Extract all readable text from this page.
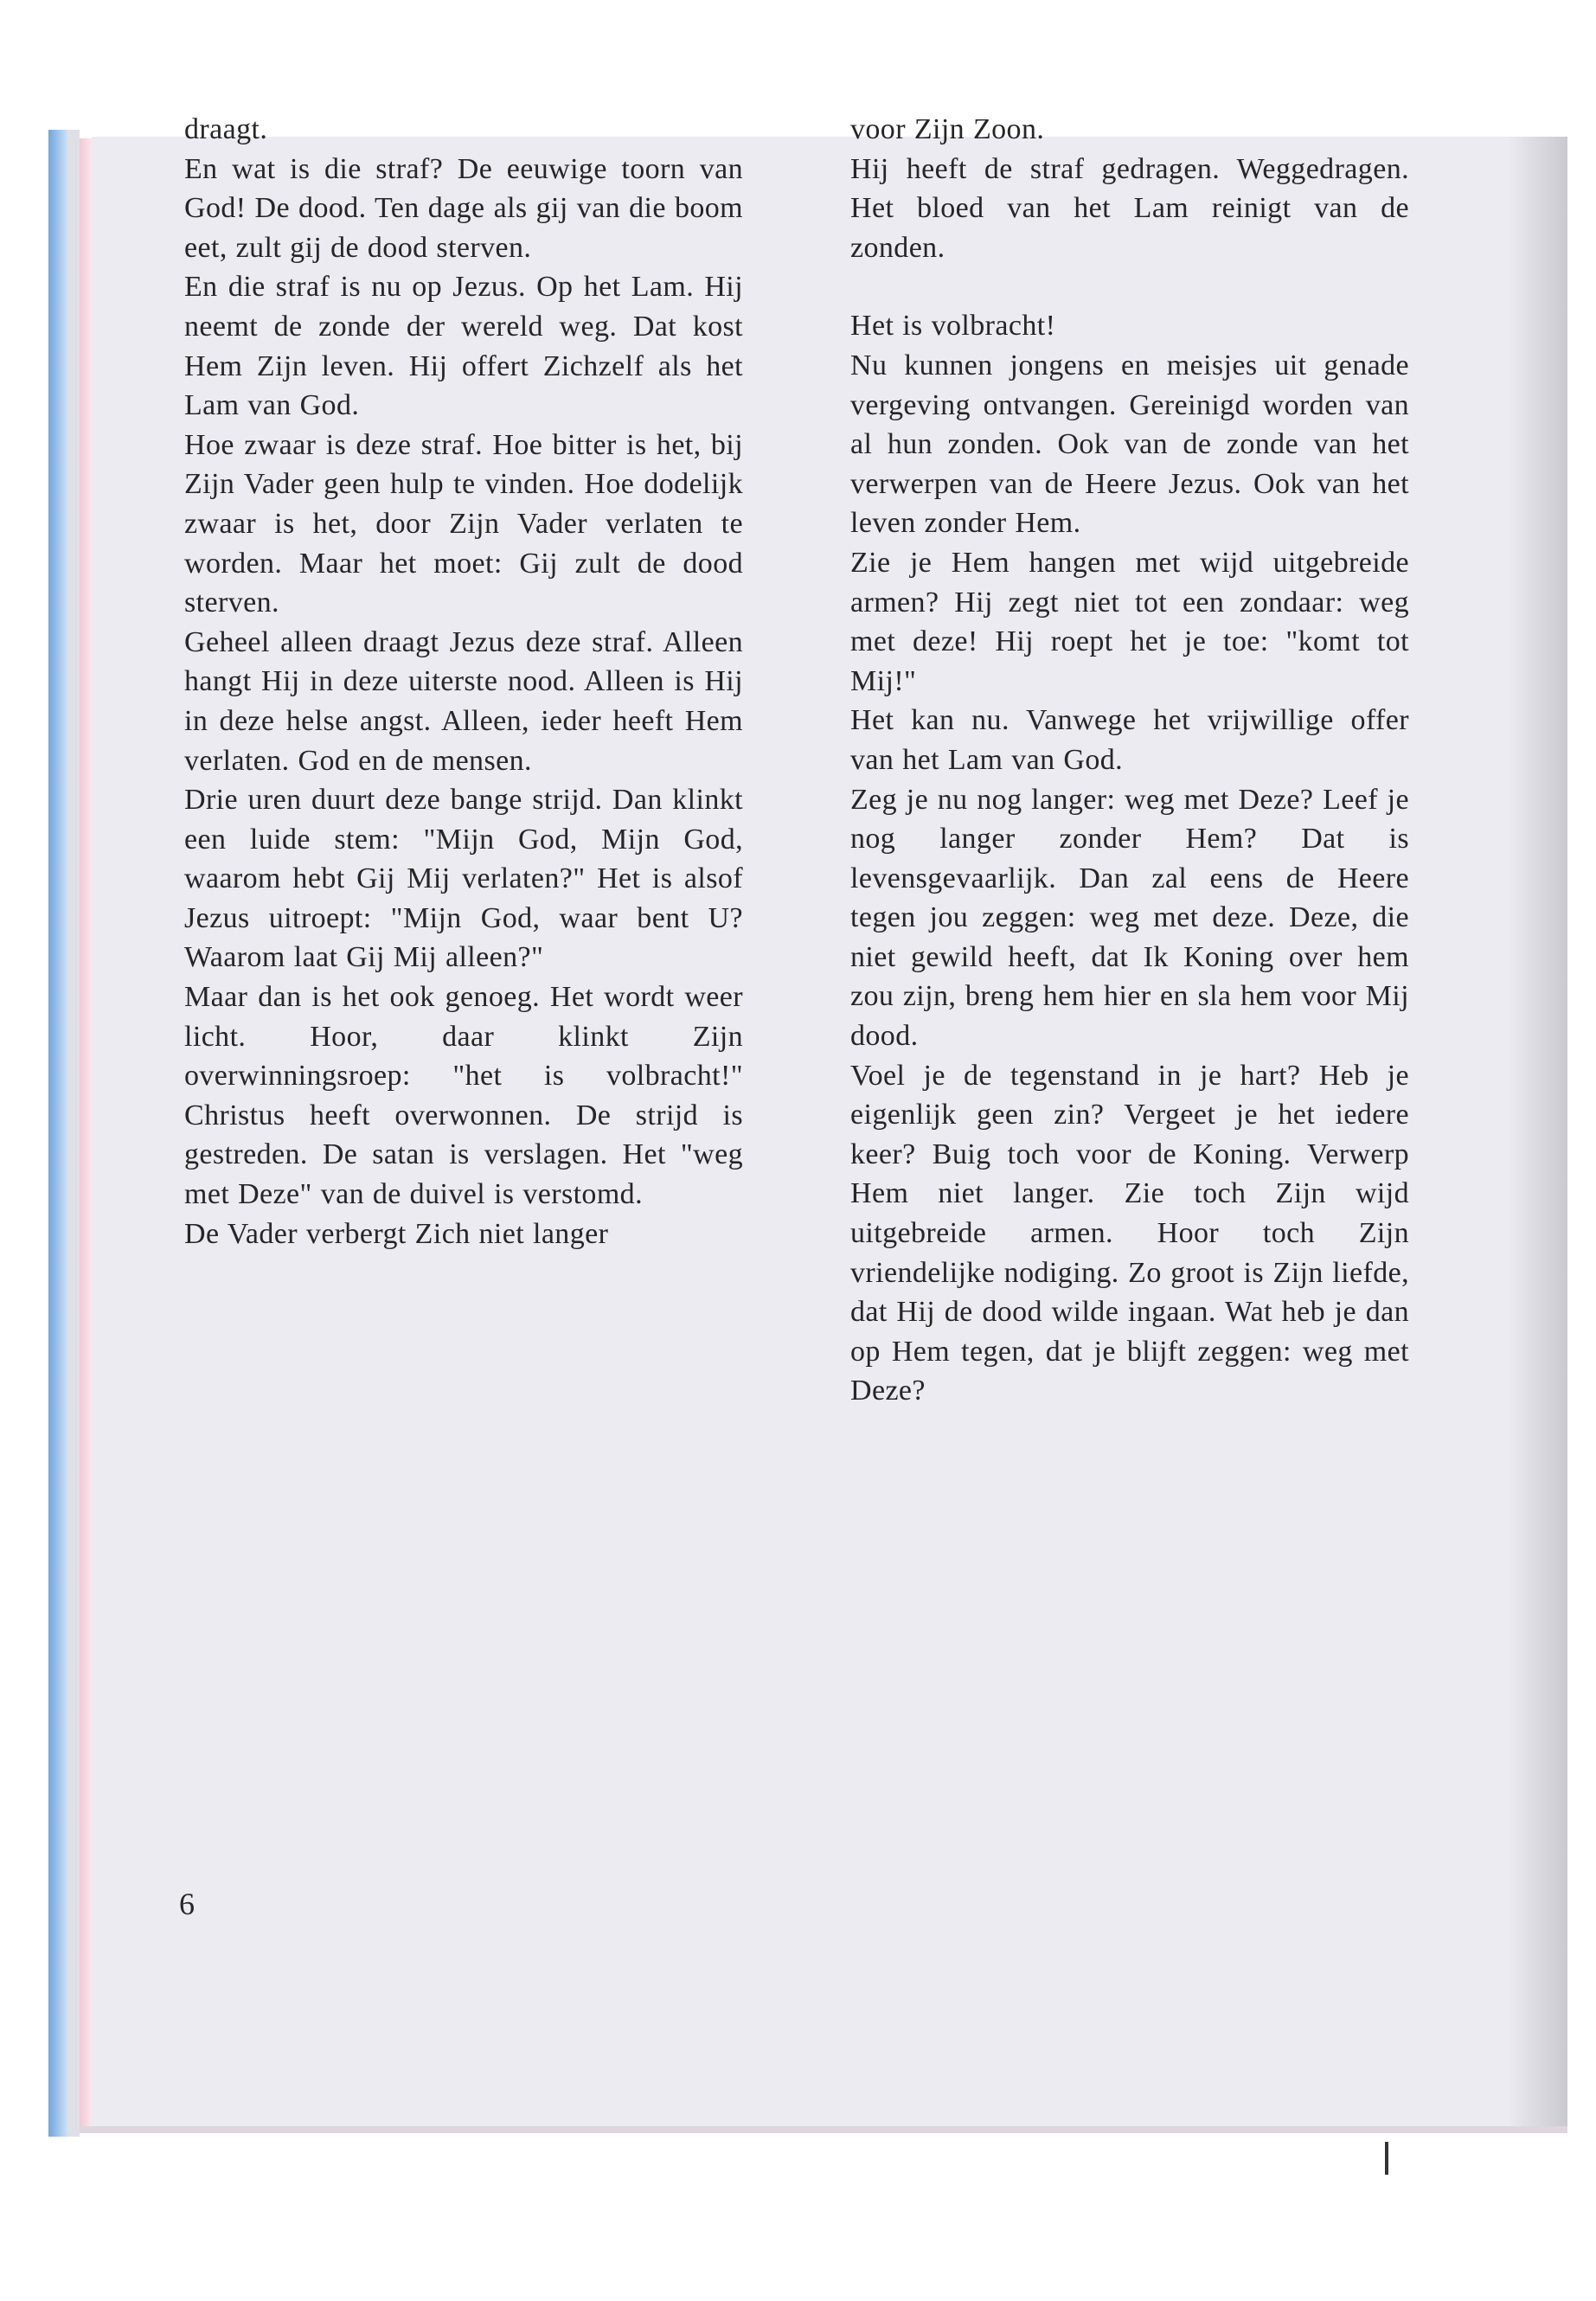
draagt.

En wat is die straf? De eeuwige toorn van God! De dood. Ten dage als gij van die boom eet, zult gij de dood sterven.

En die straf is nu op Jezus. Op het Lam. Hij neemt de zonde der wereld weg. Dat kost Hem Zijn leven. Hij offert Zichzelf als het Lam van God.

Hoe zwaar is deze straf. Hoe bitter is het, bij Zijn Vader geen hulp te vinden. Hoe dodelijk zwaar is het, door Zijn Vader verlaten te worden. Maar het moet: Gij zult de dood sterven.

Geheel alleen draagt Jezus deze straf. Alleen hangt Hij in deze uiterste nood. Alleen is Hij in deze helse angst. Alleen, ieder heeft Hem verlaten. God en de mensen.

Drie uren duurt deze bange strijd. Dan klinkt een luide stem: "Mijn God, Mijn God, waarom hebt Gij Mij verlaten?" Het is alsof Jezus uitroept: "Mijn God, waar bent U? Waarom laat Gij Mij alleen?"

Maar dan is het ook genoeg. Het wordt weer licht. Hoor, daar klinkt Zijn overwinningsroep: "het is volbracht!" Christus heeft overwonnen. De strijd is gestreden. De satan is verslagen. Het "weg met Deze" van de duivel is verstomd.

De Vader verbergt Zich niet langer

voor Zijn Zoon.

Hij heeft de straf gedragen. Weggedragen. Het bloed van het Lam reinigt van de zonden.

Het is volbracht!

Nu kunnen jongens en meisjes uit genade vergeving ontvangen. Gereinigd worden van al hun zonden. Ook van de zonde van het verwerpen van de Heere Jezus. Ook van het leven zonder Hem.

Zie je Hem hangen met wijd uitgebreide armen? Hij zegt niet tot een zondaar: weg met deze! Hij roept het je toe: "komt tot Mij!"

Het kan nu. Vanwege het vrijwillige offer van het Lam van God.

Zeg je nu nog langer: weg met Deze? Leef je nog langer zonder Hem? Dat is levensgevaarlijk. Dan zal eens de Heere tegen jou zeggen: weg met deze. Deze, die niet gewild heeft, dat Ik Koning over hem zou zijn, breng hem hier en sla hem voor Mij dood.

Voel je de tegenstand in je hart? Heb je eigenlijk geen zin? Vergeet je het iedere keer? Buig toch voor de Koning. Verwerp Hem niet langer. Zie toch Zijn wijd uitgebreide armen. Hoor toch Zijn vriendelijke nodiging. Zo groot is Zijn liefde, dat Hij de dood wilde ingaan. Wat heb je dan op Hem tegen, dat je blijft zeggen: weg met Deze?

6
